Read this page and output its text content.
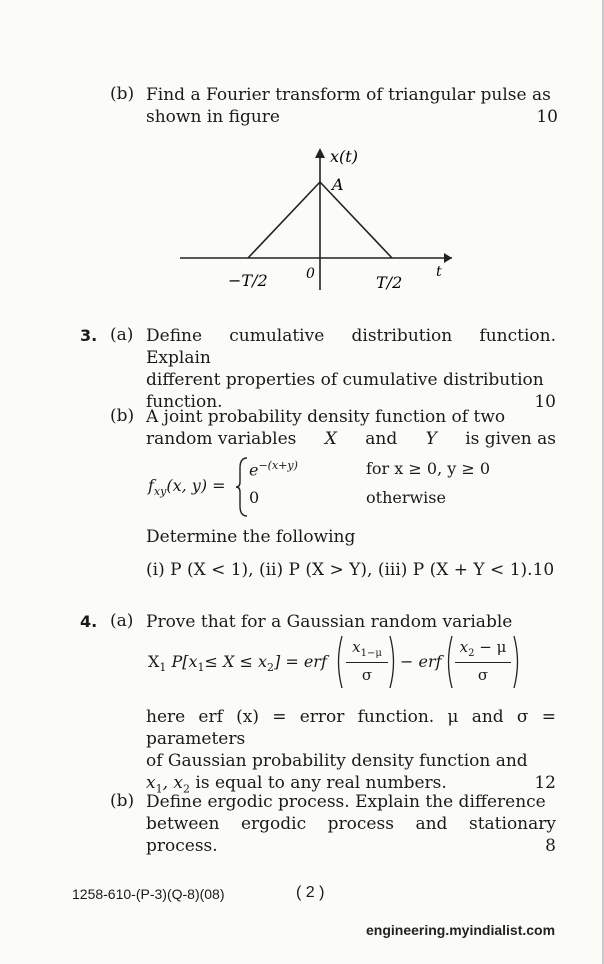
(b) Find a Fourier transform of triangular pulse as
shown in figure	10
x(t)
A
−T/2	0	T/2
t
3. (a) Define cumulative distribution function. Explain
different properties of cumulative distribution
function.	10
(b) A joint probability density function of two
random variables X and Y is given as
$f_{xy}(x$, y) =
$e^{-(x+y)}$	for x ≥ 0, y ≥ 0
0	otherwise
Determine the following
(i) P (X < 1), (ii) P (X > Y), (iii) P (X + Y < 1).10
4. (a) Prove that for a Gaussian random variable
$X_1$ $P[x_1\le X \le x_2]$ = erf
$x_{1-\mu}$
σ
− erf
$x_2 - \mu$
σ
here erf (x) = error function. μ and σ = parameters
of Gaussian probability density function and
$x_1$, $x_2$ is equal to any real numbers.	12
(b) Define ergodic process. Explain the difference
between ergodic process and stationary process.	8
1258-610-(P-3)(Q-8)(08)	( 2 )
engineering.myindialist.com
